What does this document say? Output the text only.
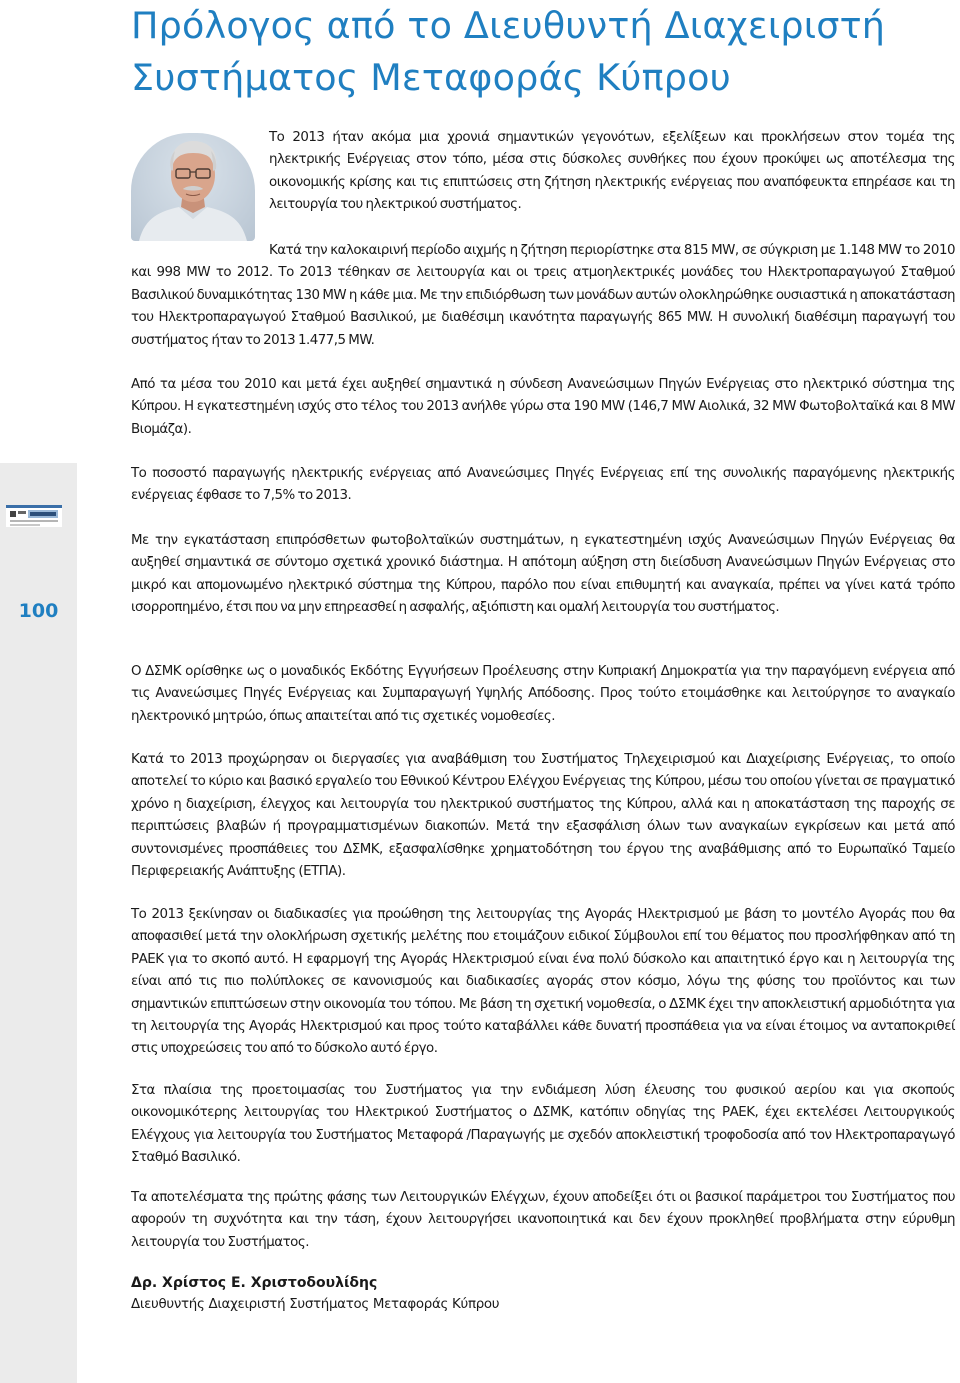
Πρόλογος από το Διευθυντή Διαχειριστή Συστήματος Μεταφοράς Κύπρου
100

Το 2013 ήταν ακόμα μια χρονιά σημαντικών γεγονότων, εξελίξεων και προκλήσεων στον τομέα της ηλεκτρικής Ενέργειας στον τόπο, μέσα στις δύσκολες συνθήκες που έχουν προκύψει ως αποτέλεσμα της οικονομικής κρίσης και τις επιπτώσεις στη ζήτηση ηλεκτρικής ενέργειας που αναπόφευκτα επηρέασε και τη λειτουργία του ηλεκτρικού συστήματος.

Κατά την καλοκαιρινή περίοδο αιχμής η ζήτηση περιορίστηκε στα 815 MW, σε σύγκριση με 1.148 MW το 2010 και 998 MW το 2012. Το 2013 τέθηκαν σε λειτουργία και οι τρεις ατμοηλεκτρικές μονάδες του Ηλεκτροπαραγωγού Σταθμού Βασιλικού δυναμικότητας 130 MW η κάθε μια. Με την επιδιόρθωση των μονάδων αυτών ολοκληρώθηκε ουσιαστικά η αποκατάσταση του Ηλεκτροπαραγωγού Σταθμού Βασιλικού, με διαθέσιμη ικανότητα παραγωγής 865 MW. Η συνολική διαθέσιμη παραγωγή του συστήματος ήταν το 2013 1.477,5 MW.

Από τα μέσα του 2010 και μετά έχει αυξηθεί σημαντικά η σύνδεση Ανανεώσιμων Πηγών Ενέργειας στο ηλεκτρικό σύστημα της Κύπρου. Η εγκατεστημένη ισχύς στο τέλος του 2013 ανήλθε γύρω στα 190 MW (146,7 MW Αιολικά, 32 MW Φωτοβολταϊκά και 8 MW Βιομάζα).

Το ποσοστό παραγωγής ηλεκτρικής ενέργειας από Ανανεώσιμες Πηγές Ενέργειας επί της συνολικής παραγόμενης ηλεκτρικής ενέργειας έφθασε το 7,5% το 2013.

Με την εγκατάσταση επιπρόσθετων φωτοβολταϊκών συστημάτων, η εγκατεστημένη ισχύς Ανανεώσιμων Πηγών Ενέργειας θα αυξηθεί σημαντικά σε σύντομο σχετικά χρονικό διάστημα. Η απότομη αύξηση στη διείσδυση Ανανεώσιμων Πηγών Ενέργειας στο μικρό και απομονωμένο ηλεκτρικό σύστημα της Κύπρου, παρόλο που είναι επιθυμητή και αναγκαία, πρέπει να γίνει κατά τρόπο ισορροπημένο, έτσι που να μην επηρεασθεί η ασφαλής, αξιόπιστη και ομαλή λειτουργία του συστήματος.

Ο ΔΣΜΚ ορίσθηκε ως ο μοναδικός Εκδότης Εγγυήσεων Προέλευσης στην Κυπριακή Δημοκρατία για την παραγόμενη ενέργεια από τις Ανανεώσιμες Πηγές Ενέργειας και Συμπαραγωγή Υψηλής Απόδοσης. Προς τούτο ετοιμάσθηκε και λειτούργησε το αναγκαίο ηλεκτρονικό μητρώο, όπως απαιτείται από τις σχετικές νομοθεσίες.

Κατά το 2013 προχώρησαν οι διεργασίες για αναβάθμιση του Συστήματος Τηλεχειρισμού και Διαχείρισης Ενέργειας, το οποίο αποτελεί το κύριο και βασικό εργαλείο του Εθνικού Κέντρου Ελέγχου Ενέργειας της Κύπρου, μέσω του οποίου γίνεται σε πραγματικό χρόνο η διαχείριση, έλεγχος και λειτουργία του ηλεκτρικού συστήματος της Κύπρου, αλλά και η αποκατάσταση της παροχής σε περιπτώσεις βλαβών ή προγραμματισμένων διακοπών. Μετά την εξασφάλιση όλων των αναγκαίων εγκρίσεων και μετά από συντονισμένες προσπάθειες του ΔΣΜΚ, εξασφαλίσθηκε χρηματοδότηση του έργου της αναβάθμισης από το Ευρωπαϊκό Ταμείο Περιφερειακής Ανάπτυξης (ΕΤΠΑ).

Το 2013 ξεκίνησαν οι διαδικασίες για προώθηση της λειτουργίας της Αγοράς Ηλεκτρισμού με βάση το μοντέλο Αγοράς που θα αποφασιθεί μετά την ολοκλήρωση σχετικής μελέτης που ετοιμάζουν ειδικοί Σύμβουλοι επί του θέματος που προσλήφθηκαν από τη ΡΑΕΚ για το σκοπό αυτό. Η εφαρμογή της Αγοράς Ηλεκτρισμού είναι ένα πολύ δύσκολο και απαιτητικό έργο και η λειτουργία της είναι από τις πιο πολύπλοκες σε κανονισμούς και διαδικασίες αγοράς στον κόσμο, λόγω της φύσης του προϊόντος και των σημαντικών επιπτώσεων στην οικονομία του τόπου. Με βάση τη σχετική νομοθεσία, ο ΔΣΜΚ έχει την αποκλειστική αρμοδιότητα για τη λειτουργία της Αγοράς Ηλεκτρισμού και προς τούτο καταβάλλει κάθε δυνατή προσπάθεια για να είναι έτοιμος να ανταποκριθεί στις υποχρεώσεις του από το δύσκολο αυτό έργο.

Στα πλαίσια της προετοιμασίας του Συστήματος για την ενδιάμεση λύση έλευσης του φυσικού αερίου και για σκοπούς οικονομικότερης λειτουργίας του Ηλεκτρικού Συστήματος ο ΔΣΜΚ, κατόπιν οδηγίας της ΡΑΕΚ, έχει εκτελέσει Λειτουργικούς Ελέγχους για λειτουργία του Συστήματος Μεταφορά /Παραγωγής με σχεδόν αποκλειστική τροφοδοσία από τον Ηλεκτροπαραγωγό Σταθμό Βασιλικό.

Τα αποτελέσματα της πρώτης φάσης των Λειτουργικών Ελέγχων, έχουν αποδείξει ότι οι βασικοί παράμετροι του Συστήματος που αφορούν τη συχνότητα και την τάση, έχουν λειτουργήσει ικανοποιητικά και δεν έχουν προκληθεί προβλήματα στην εύρυθμη λειτουργία του Συστήματος.

Δρ. Χρίστος Ε. Χριστοδουλίδης
Διευθυντής Διαχειριστή Συστήματος Μεταφοράς Κύπρου
